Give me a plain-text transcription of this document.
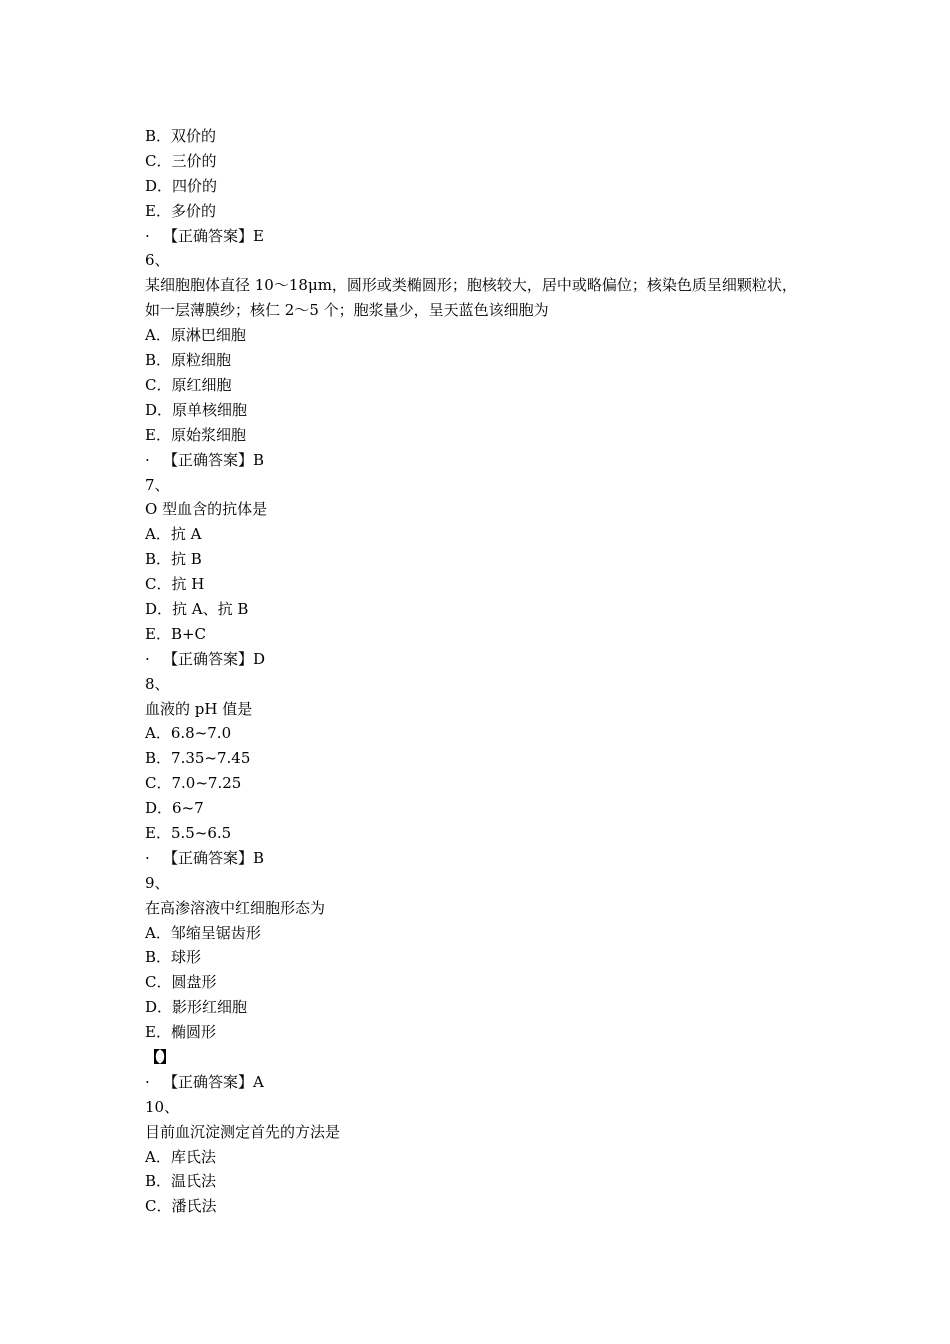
B．双价的
C．三价的
D．四价的
E．多价的
· 【正确答案】E
6、
某细胞胞体直径 10～18μm，圆形或类椭圆形；胞核较大，居中或略偏位；核染色质呈细颗粒状，如一层薄膜纱；核仁 2～5 个；胞浆量少，呈天蓝色该细胞为
A．原淋巴细胞
B．原粒细胞
C．原红细胞
D．原单核细胞
E．原始浆细胞
· 【正确答案】B
7、
O 型血含的抗体是
A．抗 A
B．抗 B
C．抗 H
D．抗 A、抗 B
E．B+C
· 【正确答案】D
8、
血液的 pH 值是
A．6.8~7.0
B．7.35~7.45
C．7.0~7.25
D．6~7
E．5.5~6.5
· 【正确答案】B
9、
在高渗溶液中红细胞形态为
A．邹缩呈锯齿形
B．球形
C．圆盘形
D．影形红细胞
E．椭圆形
【】
· 【正确答案】A
10、
目前血沉淀测定首先的方法是
A．库氏法
B．温氏法
C．潘氏法
